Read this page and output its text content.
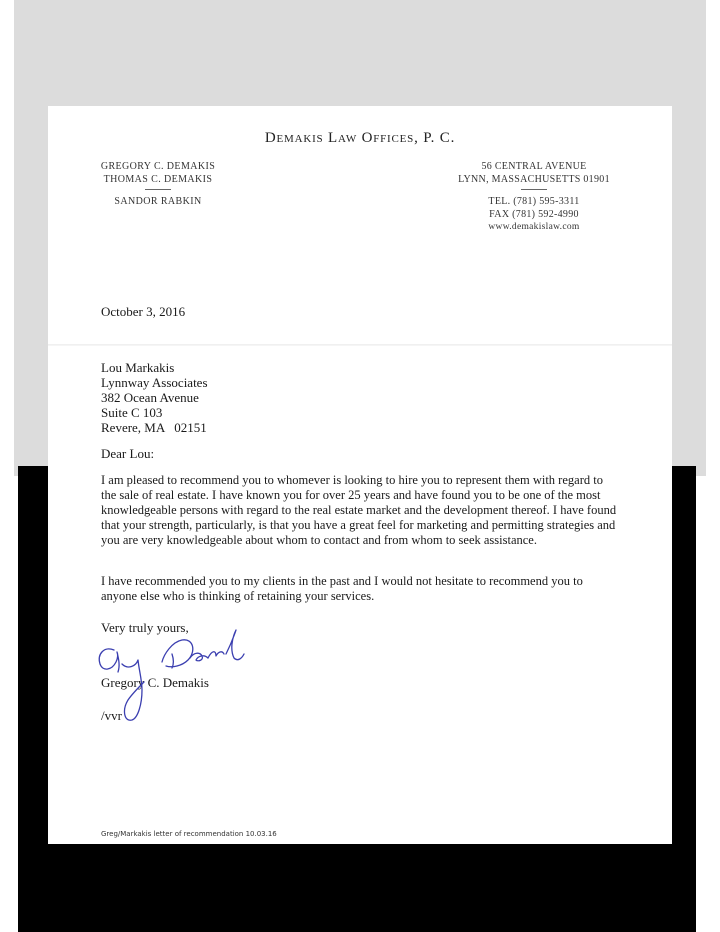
Demakis Law Offices, P. C.
GREGORY C. DEMAKIS
THOMAS C. DEMAKIS
SANDOR RABKIN
56 CENTRAL AVENUE
LYNN, MASSACHUSETTS 01901
TEL. (781) 595-3311
FAX (781) 592-4990
www.demakislaw.com
October 3, 2016
Lou Markakis
Lynnway Associates
382 Ocean Avenue
Suite C 103
Revere, MA   02151
Dear Lou:

I am pleased to recommend you to whomever is looking to hire you to represent them with regard to the sale of real estate. I have known you for over 25 years and have found you to be one of the most knowledgeable persons with regard to the real estate market and the development thereof. I have found that your strength, particularly, is that you have a great feel for marketing and permitting strategies and you are very knowledgeable about whom to contact and from whom to seek assistance.

I have recommended you to my clients in the past and I would not hesitate to recommend you to anyone else who is thinking of retaining your services.

Very truly yours,
Gregory C. Demakis
/vvr
Greg/Markakis letter of recommendation 10.03.16
